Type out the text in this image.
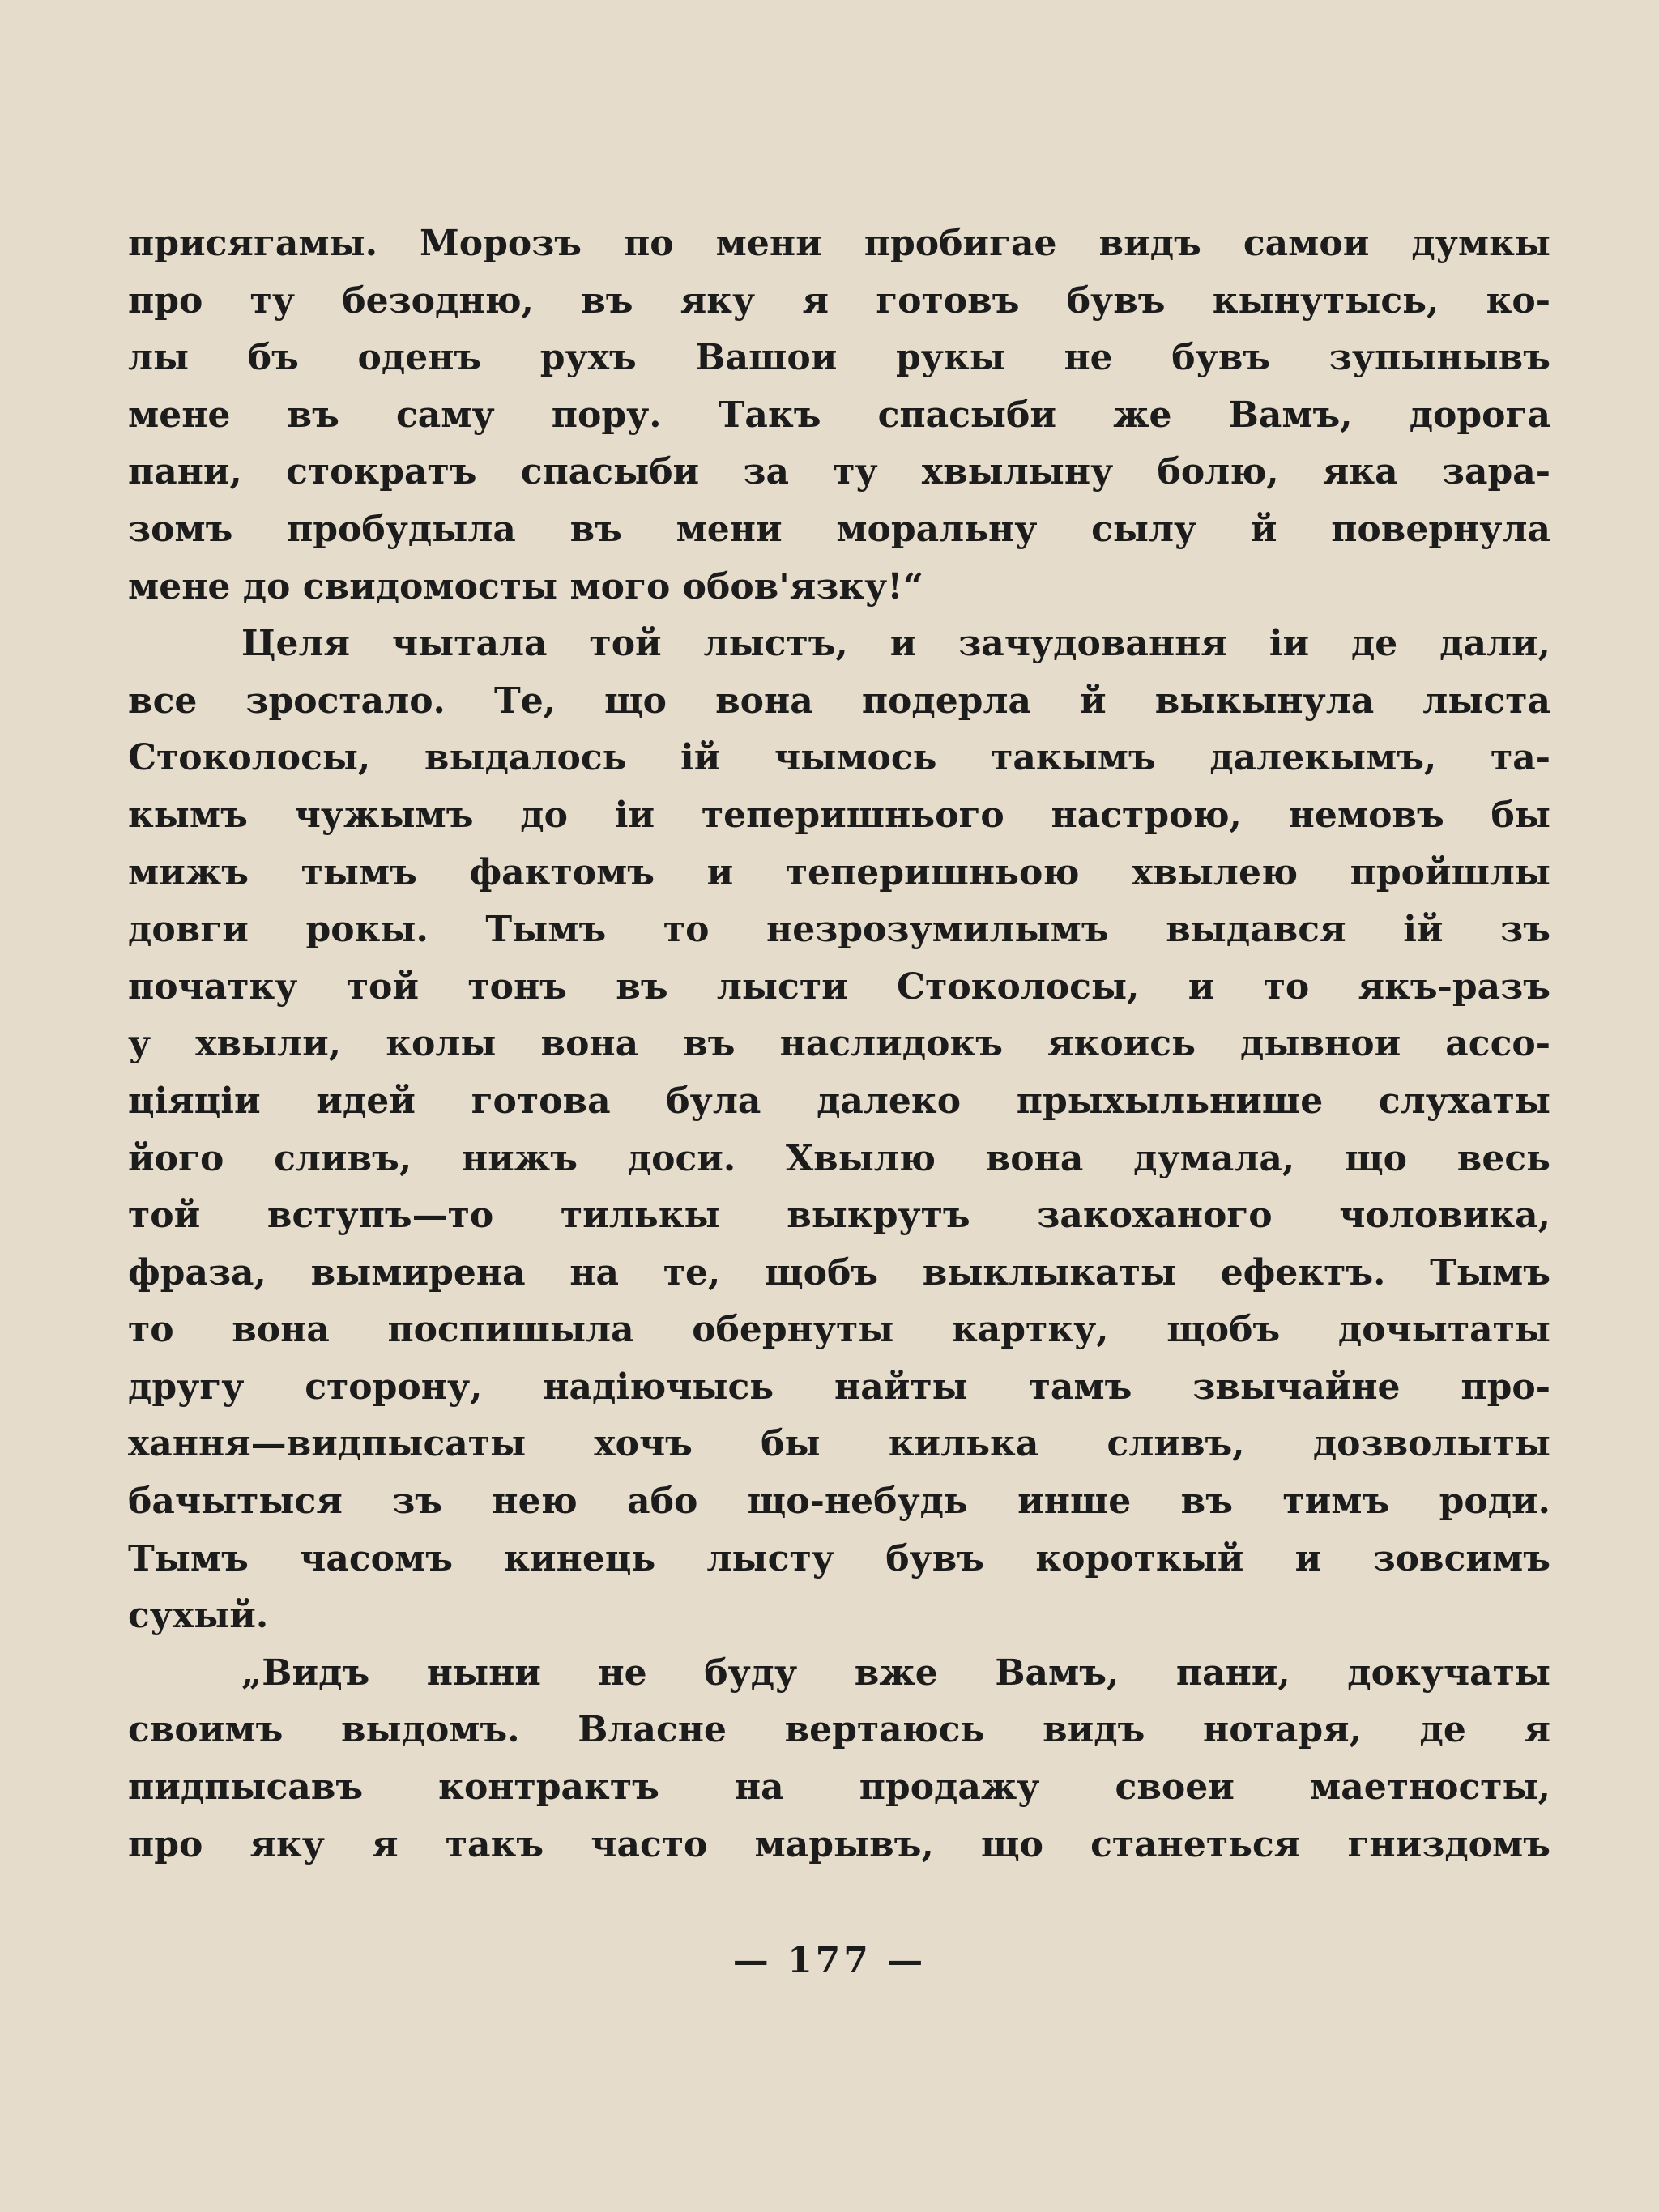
присягамы. Морозъ по мени пробигае видъ самои думкы
про ту безодню, въ яку я готовъ бувъ кынутысь, ко-
лы бъ оденъ рухъ Вашои рукы не бувъ зупынывъ
мене въ саму пору. Такъ спасыби же Вамъ, дорога
пани, стократъ спасыби за ту хвылыну болю, яка зара-
зомъ пробудыла въ мени моральну сылу й повернула
мене до свидомосты мого обов'язку!“
Целя чытала той лыстъ, и зачудовання іи де дали,
все зростало. Те, що вона подерла й выкынула лыста
Стоколосы, выдалось ій чымось такымъ далекымъ, та-
кымъ чужымъ до іи теперишнього настрою, немовъ бы
мижъ тымъ фактомъ и теперишньою хвылею пройшлы
довги рокы. Тымъ то незрозумилымъ выдався ій зъ
початку той тонъ въ лысти Стоколосы, и то якъ-разъ
у хвыли, колы вона въ наслидокъ якоись дывнои ассо-
ціяціи идей готова була далеко прыхыльнише слухаты
його сливъ, нижъ доси. Хвылю вона думала, що весь
той вступъ—то тилькы выкрутъ закоханого чоловика,
фраза, вымирена на те, щобъ выклыкаты ефектъ. Тымъ
то вона поспишыла обернуты картку, щобъ дочытаты
другу сторону, надіючысь найты тамъ звычайне про-
хання—видпысаты хочъ бы килька сливъ, дозволыты
бачытыся зъ нею або що-небудь инше въ тимъ роди.
Тымъ часомъ кинець лысту бувъ короткый и зовсимъ
сухый.
„Видъ ныни не буду вже Вамъ, пани, докучаты
своимъ выдомъ. Власне вертаюсь видъ нотаря, де я
пидпысавъ контрактъ на продажу своеи маетносты,
про яку я такъ часто марывъ, що станеться гниздомъ
— 177 —
